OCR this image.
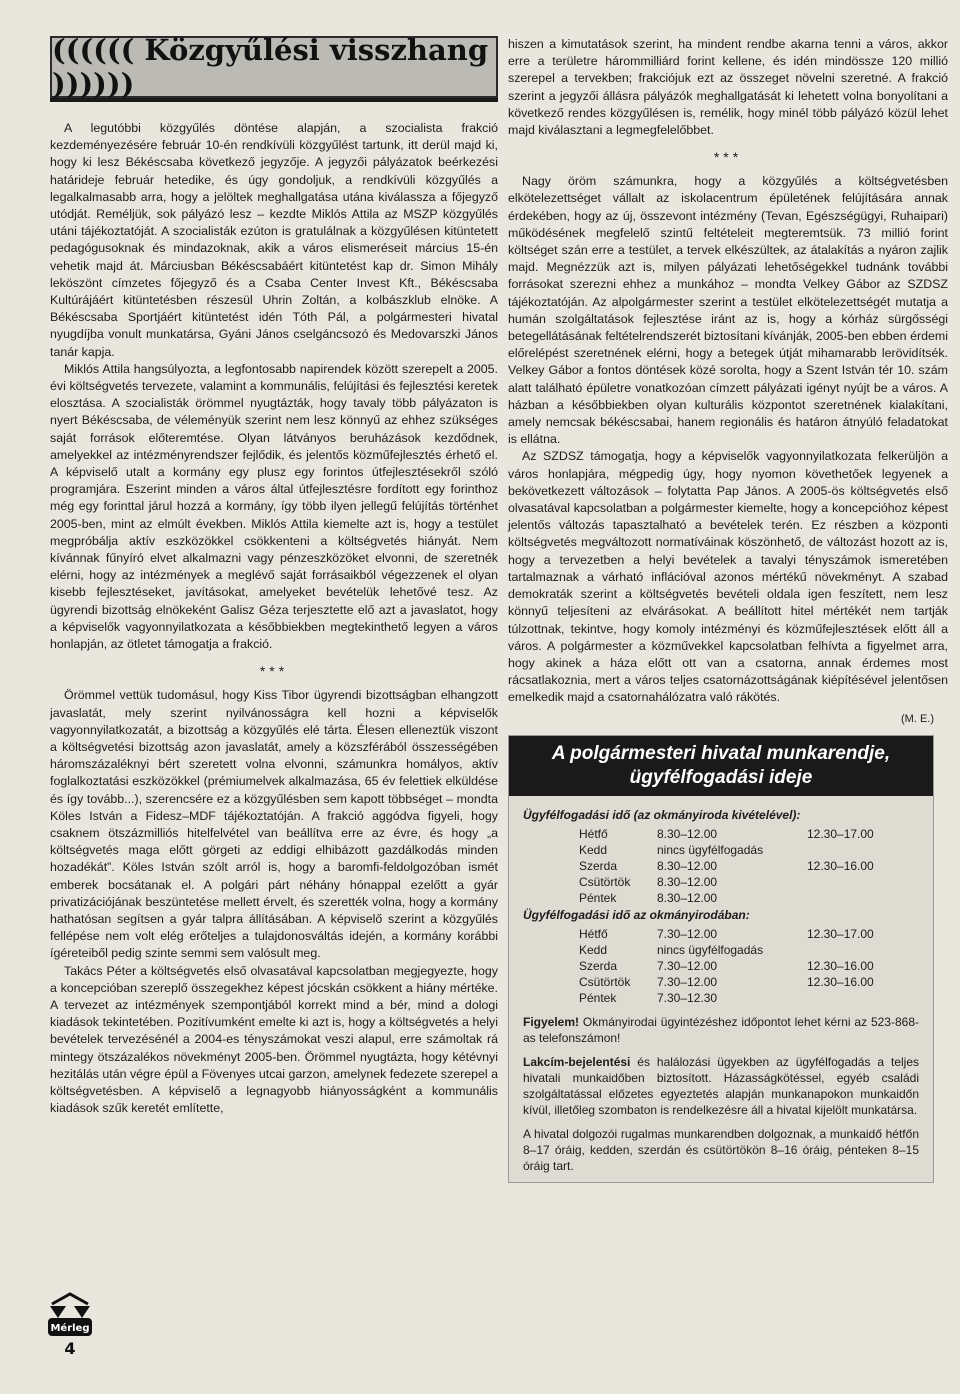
(((((( Közgyűlési visszhang ))))))

A legutóbbi közgyűlés döntése alapján, a szocialista frakció kezdeményezésére február 10-én rendkívüli közgyűlést tartunk, itt derül majd ki, hogy ki lesz Békéscsaba következő jegyzője. A jegyzői pályázatok beérkezési határideje február hetedike, és úgy gondoljuk, a rendkívüli közgyűlés a legalkalmasabb arra, hogy a jelöltek meghallgatása utána kiválassza a főjegyző utódját. Reméljük, sok pályázó lesz – kezdte Miklós Attila az MSZP közgyűlés utáni tájékoztatóját. A szocialisták ezúton is gratulálnak a közgyűlésen kitüntetett pedagógusoknak és mindazoknak, akik a város elismeréseit március 15-én vehetik majd át. Márciusban Békéscsabáért kitüntetést kap dr. Simon Mihály leköszönt címzetes főjegyző és a Csaba Center Invest Kft., Békéscsaba Kultúrájáért kitüntetésben részesül Uhrin Zoltán, a kolbászklub elnöke. A Békéscsaba Sportjáért kitüntetést idén Tóth Pál, a polgármesteri hivatal nyugdíjba vonult munkatársa, Gyáni János cselgáncsozó és Medovarszki János tanár kapja.

Miklós Attila hangsúlyozta, a legfontosabb napirendek között szerepelt a 2005. évi költségvetés tervezete, valamint a kommunális, felújítási és fejlesztési keretek elosztása. A szocialisták örömmel nyugtázták, hogy tavaly több pályázaton is nyert Békéscsaba, de véleményük szerint nem lesz könnyű az ehhez szükséges saját források előteremtése. Olyan látványos beruházások kezdődnek, amelyekkel az intézményrendszer fejlődik, és jelentős közműfejlesztés érhető el. A képviselő utalt a kormány egy plusz egy forintos útfejlesztésekről szóló programjára. Eszerint minden a város által útfejlesztésre fordított egy forinthoz még egy forinttal járul hozzá a kormány, így több ilyen jellegű felújítás történhet 2005-ben, mint az elmúlt években. Miklós Attila kiemelte azt is, hogy a testület megpróbálja aktív eszközökkel csökkenteni a költségvetés hiányát. Nem kívánnak fűnyíró elvet alkalmazni vagy pénzeszközöket elvonni, de szeretnék elérni, hogy az intézmények a meglévő saját forrásaikból végezzenek el olyan kisebb fejlesztéseket, javításokat, amelyeket bevételük lehetővé tesz. Az ügyrendi bizottság elnökeként Galisz Géza terjesztette elő azt a javaslatot, hogy a képviselők vagyonnyilatkozata a későbbiekben megtekinthető legyen a város honlapján, az ötletet támogatja a frakció.

***

Örömmel vettük tudomásul, hogy Kiss Tibor ügyrendi bizottságban elhangzott javaslatát, mely szerint nyilvánosságra kell hozni a képviselők vagyonnyilatkozatát, a bizottság a közgyűlés elé tárta. Élesen elleneztük viszont a költségvetési bizottság azon javaslatát, amely a közszférából összességében háromszázaléknyi bért szeretett volna elvonni, számunkra homályos, aktív foglalkoztatási eszközökkel (prémiumelvek alkalmazása, 65 év felettiek elküldése és így tovább...), szerencsére ez a közgyűlésben sem kapott többséget – mondta Köles István a Fidesz–MDF tájékoztatóján. A frakció aggódva figyeli, hogy csaknem ötszázmilliós hitelfelvétel van beállítva erre az évre, és hogy „a költségvetés maga előtt görgeti az eddigi elhibázott gazdálkodás minden hozadékát”. Köles István szólt arról is, hogy a baromfi-feldolgozóban ismét emberek bocsátanak el. A polgári párt néhány hónappal ezelőtt a gyár privatizációjának beszüntetése mellett érvelt, és szerették volna, hogy a kormány hathatósan segítsen a gyár talpra állításában. A képviselő szerint a közgyűlés fellépése nem volt elég erőteljes a tulajdonosváltás idején, a kormány korábbi ígéreteiből pedig szinte semmi sem valósult meg.

Takács Péter a költségvetés első olvasatával kapcsolatban megjegyezte, hogy a koncepcióban szereplő összegekhez képest jócskán csökkent a hiány mértéke. A tervezet az intézmények szempontjából korrekt mind a bér, mind a dologi kiadások tekintetében. Pozitívumként emelte ki azt is, hogy a költségvetés a helyi bevételek tervezésénél a 2004-es tényszámokat veszi alapul, erre számoltak rá mintegy ötszázalékos növekményt 2005-ben. Örömmel nyugtázta, hogy kétévnyi hezitálás után végre épül a Fövenyes utcai garzon, amelynek fedezete szerepel a költségvetésben. A képviselő a legnagyobb hiányosságként a kommunális kiadások szűk keretét említette,

hiszen a kimutatások szerint, ha mindent rendbe akarna tenni a város, akkor erre a területre hárommilliárd forint kellene, és idén mindössze 120 millió szerepel a tervekben; frakciójuk ezt az összeget növelni szeretné. A frakció szerint a jegyzői állásra pályázók meghallgatását ki lehetett volna bonyolítani a következő rendes közgyűlésen is, remélik, hogy minél több pályázó közül lehet majd kiválasztani a legmegfelelőbbet.

***

Nagy öröm számunkra, hogy a közgyűlés a költségvetésben elkötelezettséget vállalt az iskolacentrum épületének felújítására annak érdekében, hogy az új, összevont intézmény (Tevan, Egészségügyi, Ruhaipari) működésének megfelelő szintű feltételeit megteremtsük. 73 millió forint költséget szán erre a testület, a tervek elkészültek, az átalakítás a nyáron zajlik majd. Megnézzük azt is, milyen pályázati lehetőségekkel tudnánk további forrásokat szerezni ehhez a munkához – mondta Velkey Gábor az SZDSZ tájékoztatóján. Az alpolgármester szerint a testület elkötelezettségét mutatja a humán szolgáltatások fejlesztése iránt az is, hogy a kórház sürgősségi betegellátásának feltételrendszerét biztosítani kívánják, 2005-ben ebben érdemi előrelépést szeretnének elérni, hogy a betegek útját mihamarabb lerövidítsék. Velkey Gábor a fontos döntések közé sorolta, hogy a Szent István tér 10. szám alatt található épületre vonatkozóan címzett pályázati igényt nyújt be a város. A házban a későbbiekben olyan kulturális központot szeretnének kialakítani, amely nemcsak békéscsabai, hanem regionális és határon átnyúló feladatokat is ellátna.

Az SZDSZ támogatja, hogy a képviselők vagyonnyilatkozata felkerüljön a város honlapjára, mégpedig úgy, hogy nyomon követhetőek legyenek a bekövetkezett változások – folytatta Pap János. A 2005-ös költségvetés első olvasatával kapcsolatban a polgármester kiemelte, hogy a koncepcióhoz képest jelentős változás tapasztalható a bevételek terén. Ez részben a központi költségvetés megváltozott normatíváinak köszönhető, de változást hozott az is, hogy a tervezetben a helyi bevételek a tavalyi tényszámok ismeretében tartalmaznak a várható inflációval azonos mértékű növekményt. A szabad demokraták szerint a költségvetés bevételi oldala igen feszített, nem lesz könnyű teljesíteni az elvárásokat. A beállított hitel mértékét nem tartják túlzottnak, tekintve, hogy komoly intézményi és közműfejlesztések előtt áll a város. A polgármester a közművekkel kapcsolatban felhívta a figyelmet arra, hogy akinek a háza előtt ott van a csatorna, annak érdemes most rácsatlakoznia, mert a város teljes csatornázottságának kiépítésével jelentősen emelkedik majd a csatornahálózatra való rákötés.

(M. E.)
A polgármesteri hivatal munkarendje, ügyfélfogadási ideje
Ügyfélfogadási idő (az okmányiroda kivételével):
Hétfő	8.30–12.00	12.30–17.00
Kedd	nincs ügyfélfogadás
Szerda	8.30–12.00	12.30–16.00
Csütörtök	8.30–12.00
Péntek	8.30–12.00
Ügyfélfogadási idő az okmányirodában:
Hétfő	7.30–12.00	12.30–17.00
Kedd	nincs ügyfélfogadás
Szerda	7.30–12.00	12.30–16.00
Csütörtök	7.30–12.00	12.30–16.00
Péntek	7.30–12.30
Figyelem! Okmányirodai ügyintézéshez időpontot lehet kérni az 523-868-as telefonszámon!
Lakcím-bejelentési és halálozási ügyekben az ügyfélfogadás a teljes hivatali munkaidőben biztosított. Házasságkötéssel, egyéb családi szolgáltatással előzetes egyeztetés alapján munkanapokon munkaidőn kívül, illetőleg szombaton is rendelkezésre áll a hivatal kijelölt munkatársa.
A hivatal dolgozói rugalmas munkarendben dolgoznak, a munkaidő hétfőn 8–17 óráig, kedden, szerdán és csütörtökön 8–16 óráig, pénteken 8–15 óráig tart.
Mérleg
4
